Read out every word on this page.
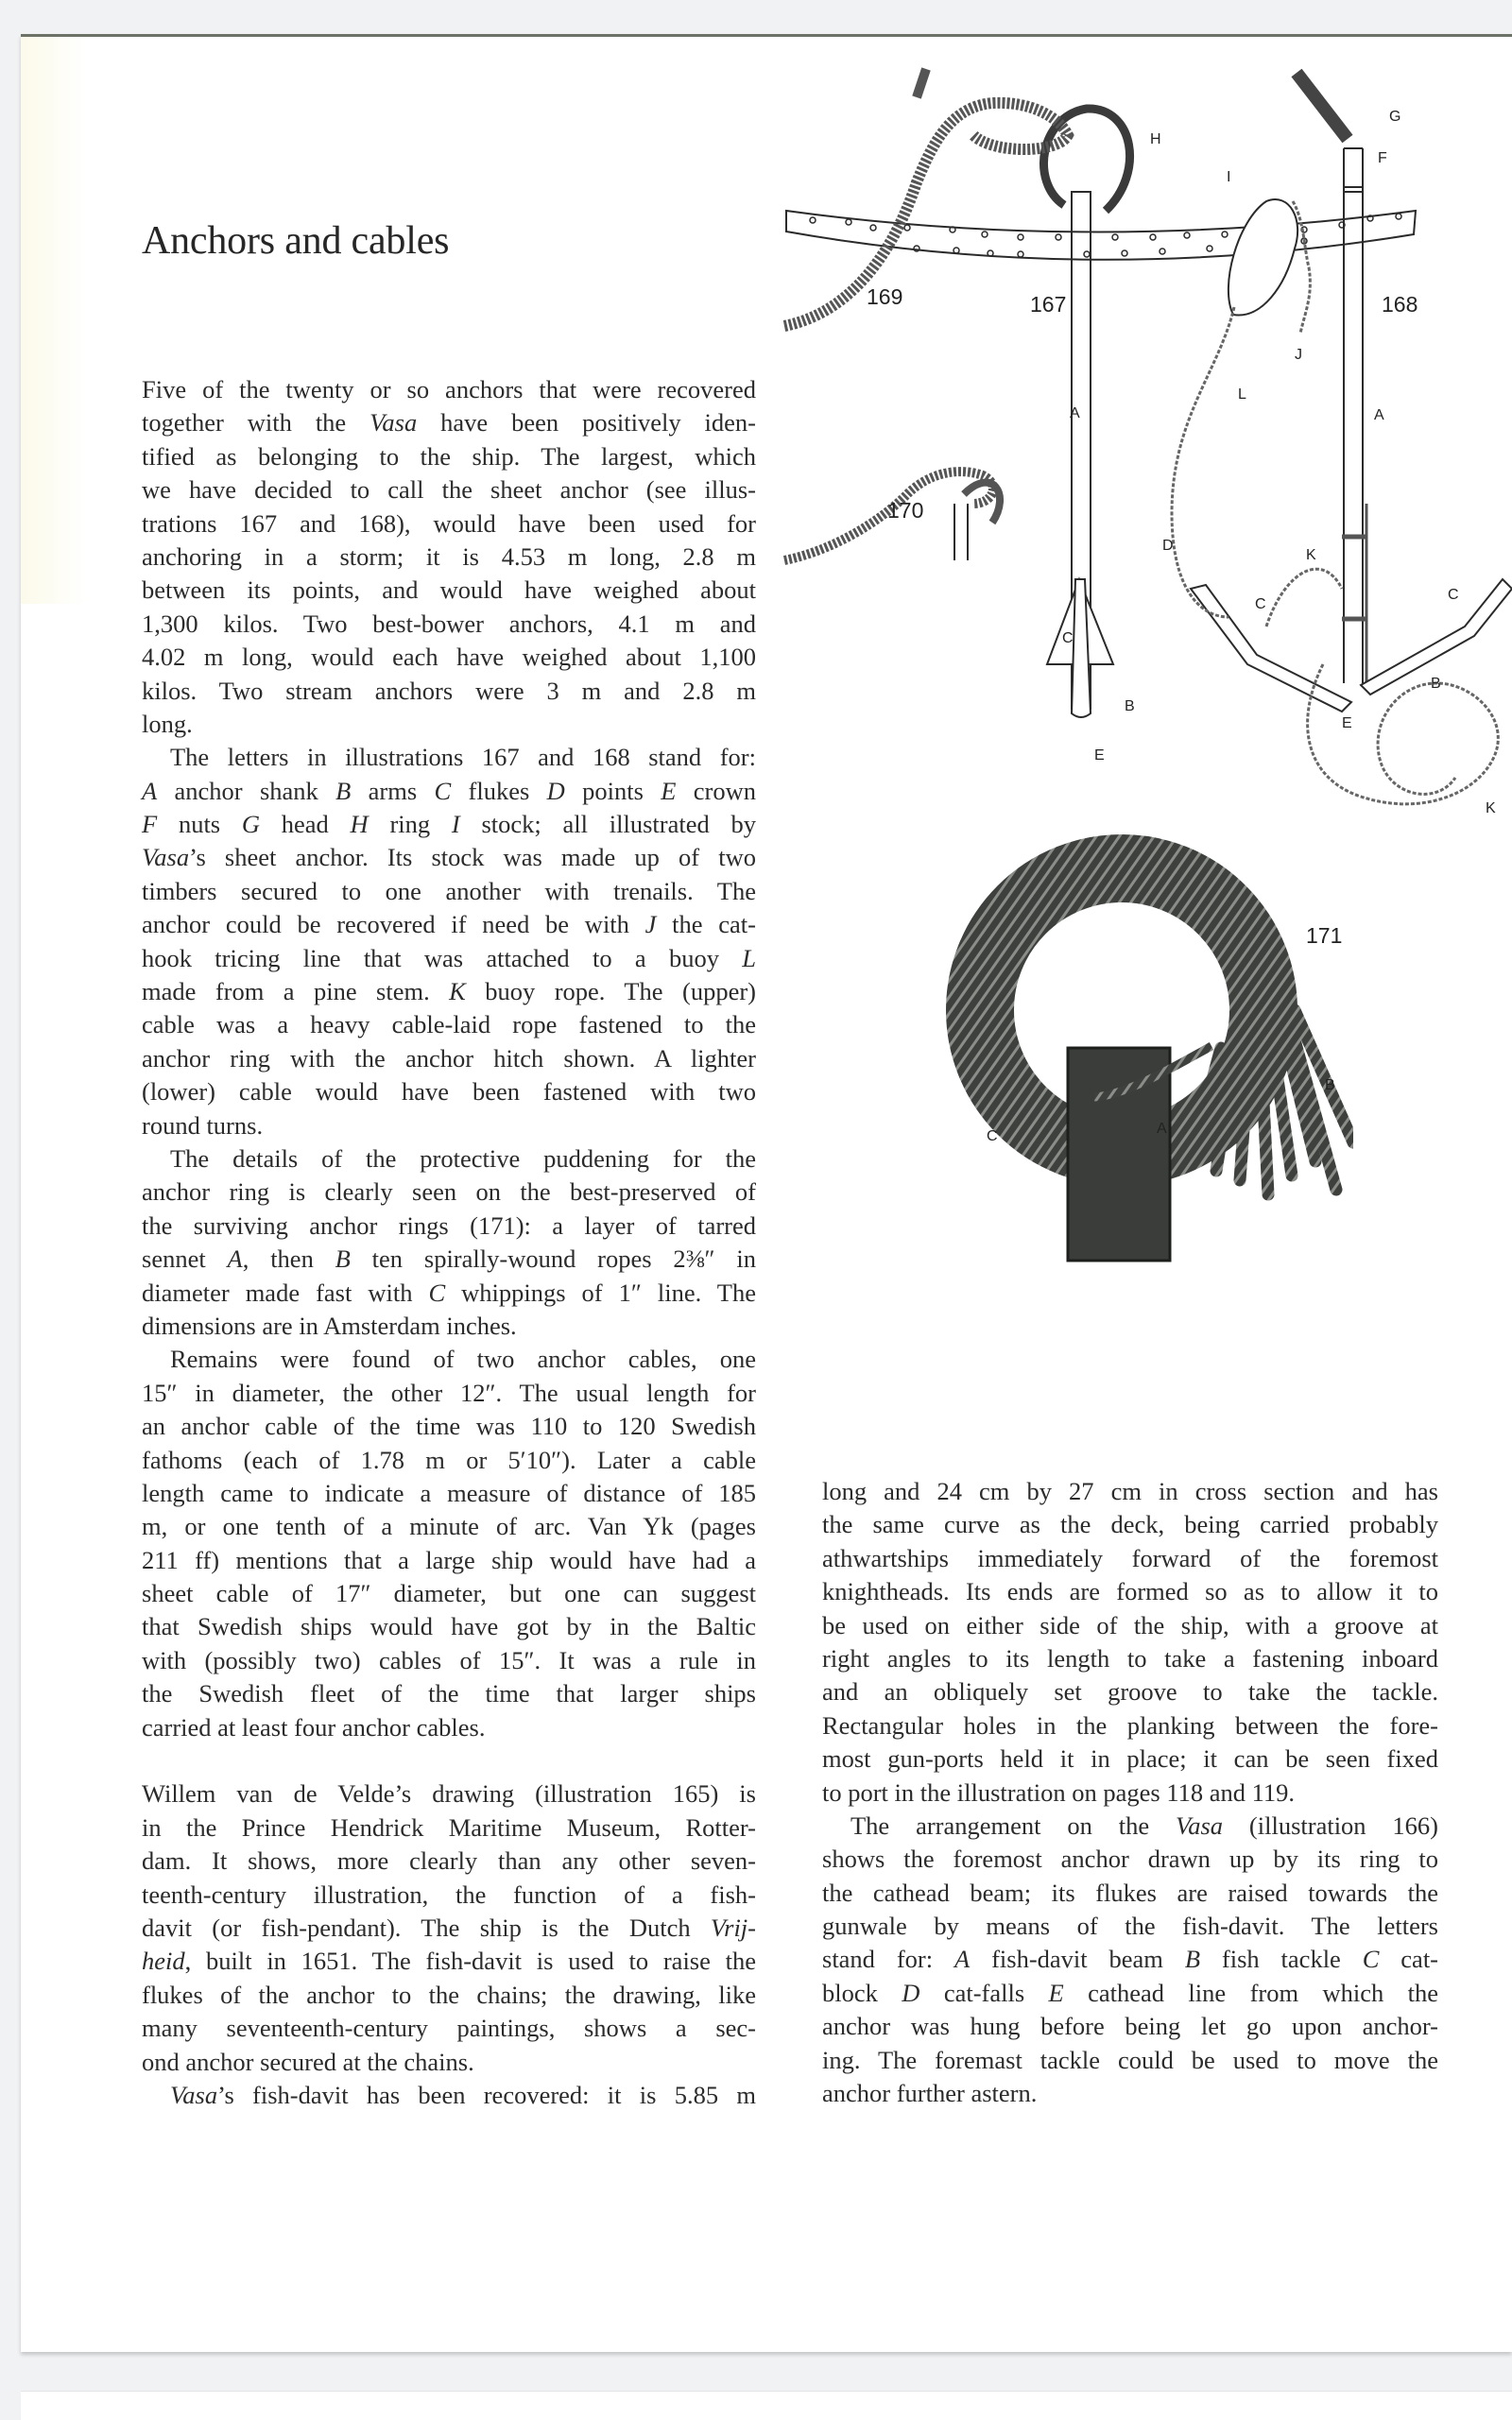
Anchors and cables
Five of the twenty or so anchors that were recovered
together with the Vasa have been positively iden-
tified as belonging to the ship. The largest, which
we have decided to call the sheet anchor (see illus-
trations 167 and 168), would have been used for
anchoring in a storm; it is 4.53 m long, 2.8 m
between its points, and would have weighed about
1,300 kilos. Two best-bower anchors, 4.1 m and
4.02 m long, would each have weighed about 1,100
kilos. Two stream anchors were 3 m and 2.8 m
long.
The letters in illustrations 167 and 168 stand for:
A anchor shank B arms C flukes D points E crown
F nuts G head H ring I stock; all illustrated by
Vasa’s sheet anchor. Its stock was made up of two
timbers secured to one another with trenails. The
anchor could be recovered if need be with J the cat-
hook tricing line that was attached to a buoy L
made from a pine stem. K buoy rope. The (upper)
cable was a heavy cable-laid rope fastened to the
anchor ring with the anchor hitch shown. A lighter
(lower) cable would have been fastened with two
round turns.
The details of the protective puddening for the
anchor ring is clearly seen on the best-preserved of
the surviving anchor rings (171): a layer of tarred
sennet A, then B ten spirally-wound ropes 2⅜″ in
diameter made fast with C whippings of 1″ line. The
dimensions are in Amsterdam inches.
Remains were found of two anchor cables, one
15″ in diameter, the other 12″. The usual length for
an anchor cable of the time was 110 to 120 Swedish
fathoms (each of 1.78 m or 5′10″). Later a cable
length came to indicate a measure of distance of 185
m, or one tenth of a minute of arc. Van Yk (pages
211 ff) mentions that a large ship would have had a
sheet cable of 17″ diameter, but one can suggest
that Swedish ships would have got by in the Baltic
with (possibly two) cables of 15″. It was a rule in
the Swedish fleet of the time that larger ships
carried at least four anchor cables.
Willem van de Velde’s drawing (illustration 165) is
in the Prince Hendrick Maritime Museum, Rotter-
dam. It shows, more clearly than any other seven-
teenth-century illustration, the function of a fish-
davit (or fish-pendant). The ship is the Dutch Vrij-
heid, built in 1651. The fish-davit is used to raise the
flukes of the anchor to the chains; the drawing, like
many seventeenth-century paintings, shows a sec-
ond anchor secured at the chains.
Vasa’s fish-davit has been recovered: it is 5.85 m
long and 24 cm by 27 cm in cross section and has
the same curve as the deck, being carried probably
athwartships immediately forward of the foremost
knightheads. Its ends are formed so as to allow it to
be used on either side of the ship, with a groove at
right angles to its length to take a fastening inboard
and an obliquely set groove to take the tackle.
Rectangular holes in the planking between the fore-
most gun-ports held it in place; it can be seen fixed
to port in the illustration on pages 118 and 119.
The arrangement on the Vasa (illustration 166)
shows the foremost anchor drawn up by its ring to
the cathead beam; its flukes are raised towards the
gunwale by means of the fish-davit. The letters
stand for: A fish-davit beam B fish tackle C cat-
block D cat-falls E cathead line from which the
anchor was hung before being let go upon anchor-
ing. The foremast tackle could be used to move the
anchor further astern.
169	167	168
170
171
H
I
A
C
B
E
G
F
J
L
A
D
K
C
C
B
E
K
A
C
B
